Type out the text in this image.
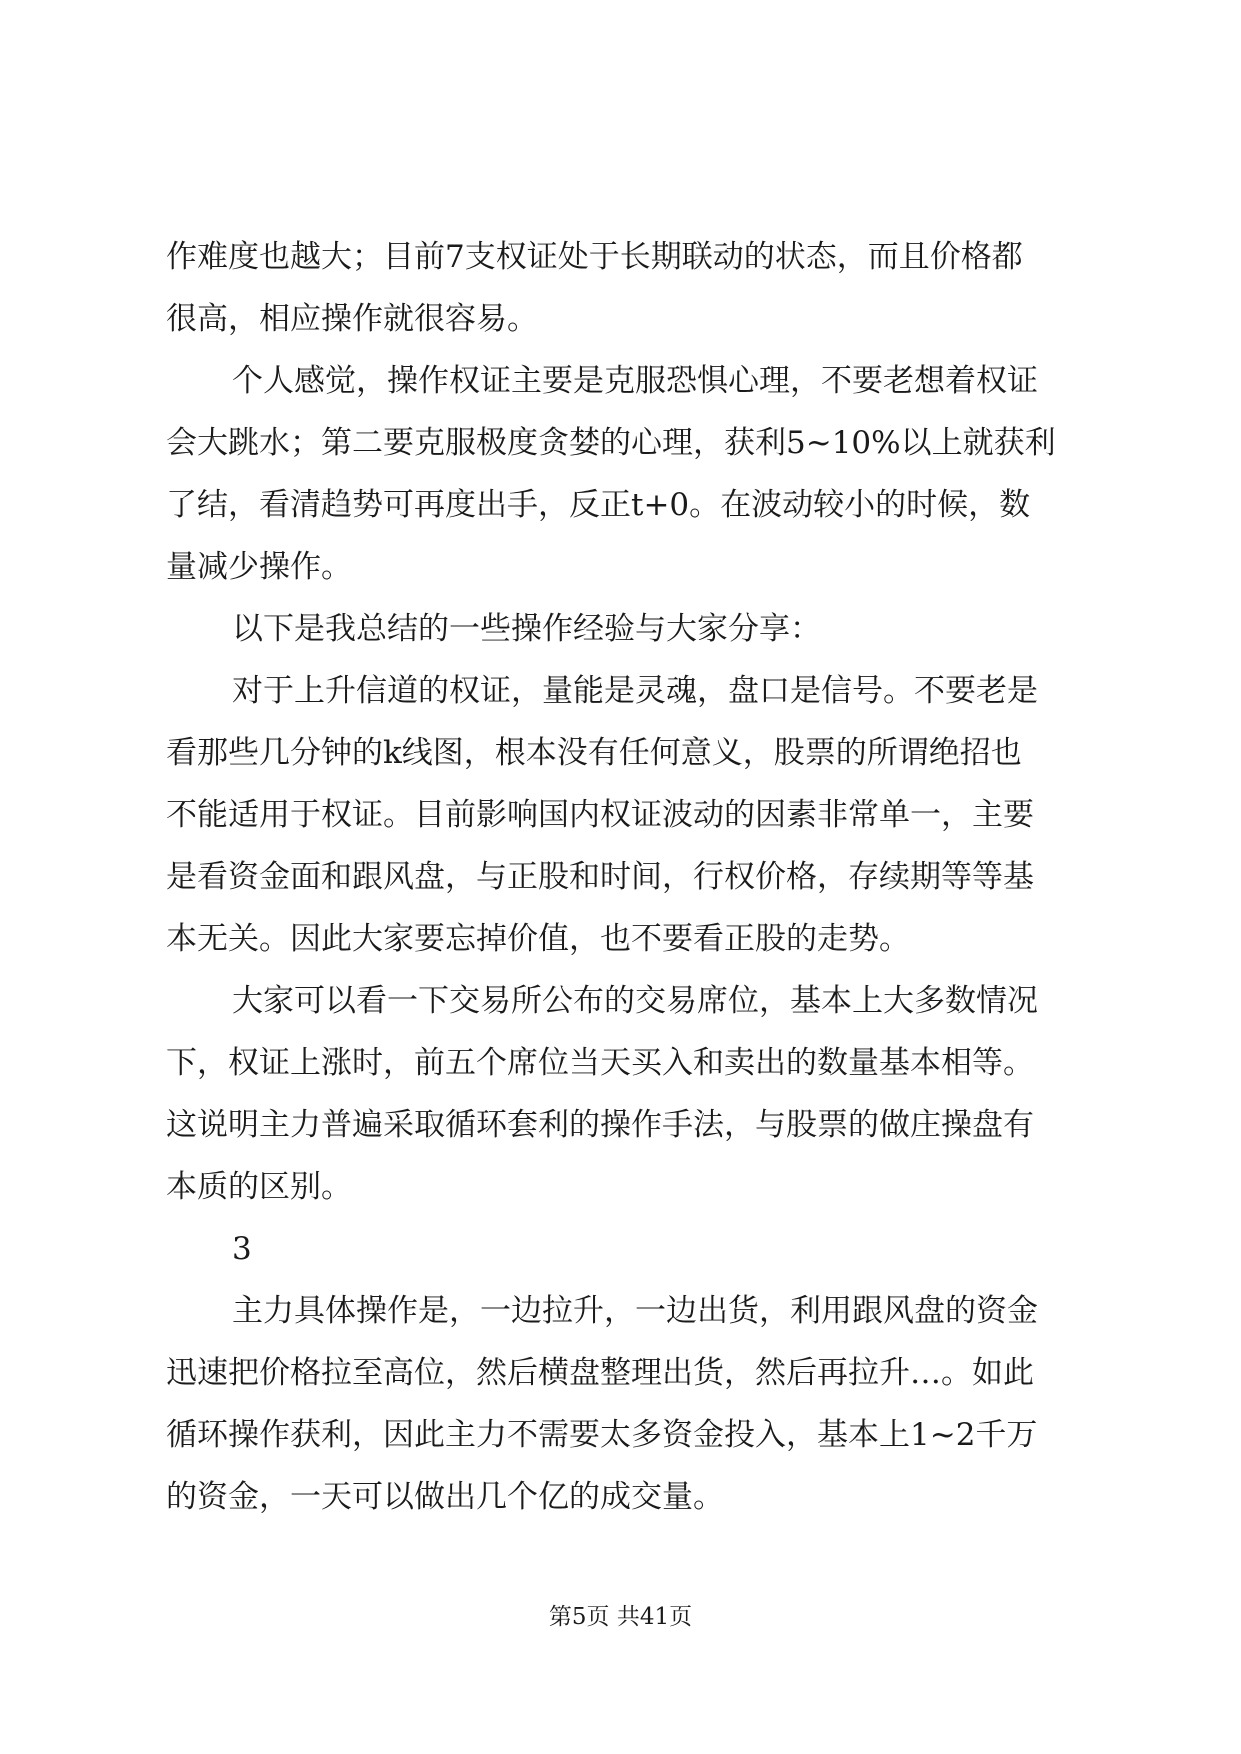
作难度也越大；目前7支权证处于长期联动的状态，而且价格都
很高，相应操作就很容易。
个人感觉，操作权证主要是克服恐惧心理，不要老想着权证
会大跳水；第二要克服极度贪婪的心理，获利5~10%以上就获利
了结，看清趋势可再度出手，反正t+0。在波动较小的时候，数
量减少操作。
以下是我总结的一些操作经验与大家分享：
对于上升信道的权证，量能是灵魂，盘口是信号。不要老是
看那些几分钟的k线图，根本没有任何意义，股票的所谓绝招也
不能适用于权证。目前影响国内权证波动的因素非常单一，主要
是看资金面和跟风盘，与正股和时间，行权价格，存续期等等基
本无关。因此大家要忘掉价值，也不要看正股的走势。
大家可以看一下交易所公布的交易席位，基本上大多数情况
下，权证上涨时，前五个席位当天买入和卖出的数量基本相等。
这说明主力普遍采取循环套利的操作手法，与股票的做庄操盘有
本质的区别。
3
主力具体操作是，一边拉升，一边出货，利用跟风盘的资金
迅速把价格拉至高位，然后横盘整理出货，然后再拉升…。如此
循环操作获利，因此主力不需要太多资金投入，基本上1~2千万
的资金，一天可以做出几个亿的成交量。
第5页 共41页
